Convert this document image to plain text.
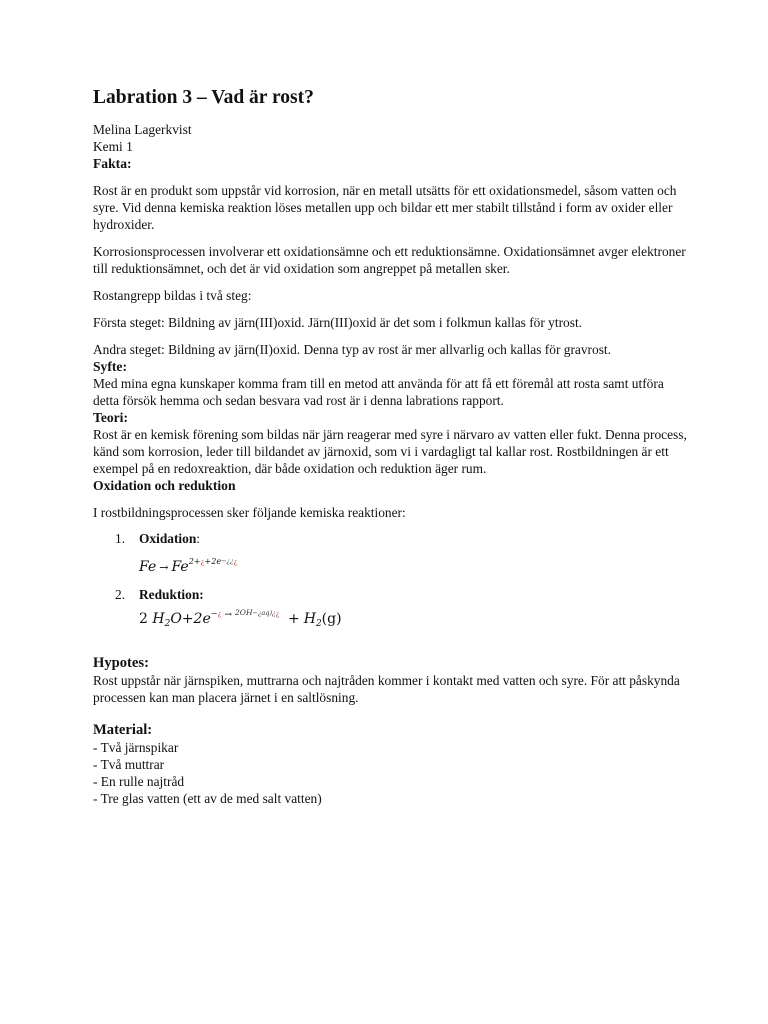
Labration 3 – Vad är rost?

Melina Lagerkvist

Kemi 1

Fakta:

Rost är en produkt som uppstår vid korrosion, när en metall utsätts för ett oxidationsmedel, såsom vatten och syre. Vid denna kemiska reaktion löses metallen upp och bildar ett mer stabilt tillstånd i form av oxider eller hydroxider.

Korrosionsprocessen involverar ett oxidationsämne och ett reduktionsämne. Oxidationsämnet avger elektroner till reduktionsämnet, och det är vid oxidation som angreppet på metallen sker.

Rostangrepp bildas i två steg:

Första steget: Bildning av järn(III)oxid. Järn(III)oxid är det som i folkmun kallas för ytrost.

Andra steget: Bildning av järn(II)oxid. Denna typ av rost är mer allvarlig och kallas för gravrost.

Syfte:

Med mina egna kunskaper komma fram till en metod att använda för att få ett föremål att rosta samt utföra detta försök hemma och sedan besvara vad rost är i denna labrations rapport.

Teori:

Rost är en kemisk förening som bildas när järn reagerar med syre i närvaro av vatten eller fukt. Denna process, känd som korrosion, leder till bildandet av järnoxid, som vi i vardagligt tal kallar rost. Rostbildningen är ett exempel på en redoxreaktion, där både oxidation och reduktion äger rum.

Oxidation och reduktion

I rostbildningsprocessen sker följande kemiska reaktioner:

1. Oxidation:
$Fe \to Fe^{2+¿+2e-¿¿¿}$
2. Reduktion:
2 $H_2O+2e^{-¿}$ → $^{2OH-¿aq)¿¿} + H_2(g)$

Hypotes:

Rost uppstår när järnspiken, muttrarna och najtråden kommer i kontakt med vatten och syre. För att påskynda processen kan man placera järnet i en saltlösning.

Material:

- Två järnspikar

- Två muttrar

- En rulle najtråd

- Tre glas vatten (ett av de med salt vatten)
